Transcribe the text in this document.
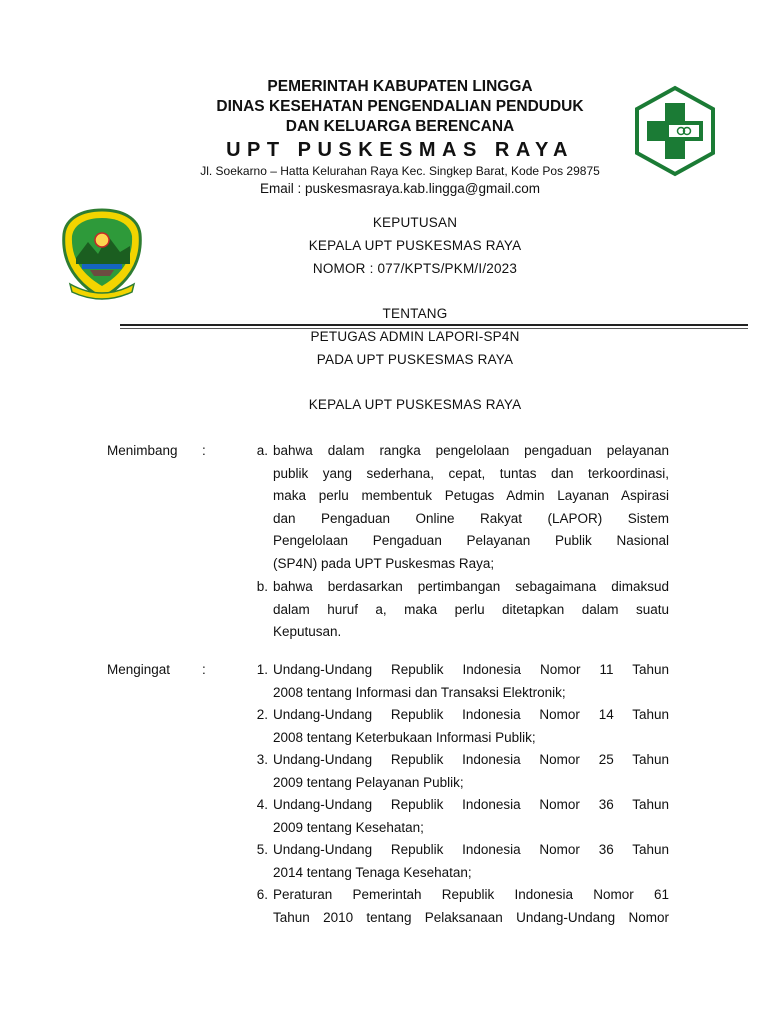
PEMERINTAH KABUPATEN LINGGA
DINAS KESEHATAN PENGENDALIAN PENDUDUK
DAN KELUARGA BERENCANA
UPT PUSKESMAS RAYA
Jl. Soekarno – Hatta Kelurahan Raya Kec. Singkep Barat, Kode Pos 29875
Email : puskesmasraya.kab.lingga@gmail.com
KEPUTUSAN
KEPALA UPT PUSKESMAS RAYA
NOMOR : 077/KPTS/PKM/I/2023
TENTANG
PETUGAS ADMIN LAPORI-SP4N
PADA UPT PUSKESMAS RAYA
KEPALA UPT PUSKESMAS RAYA
Menimbang :	a. bahwa dalam rangka pengelolaan pengaduan pelayanan
publik yang sederhana, cepat, tuntas dan terkoordinasi,
maka perlu membentuk Petugas Admin Layanan Aspirasi
dan Pengaduan Online Rakyat (LAPOR) Sistem
Pengelolaan Pengaduan Pelayanan Publik Nasional
(SP4N) pada UPT Puskesmas Raya;
b. bahwa berdasarkan pertimbangan sebagaimana dimaksud
dalam huruf a, maka perlu ditetapkan dalam suatu
Keputusan.
Mengingat :	1. Undang-Undang Republik Indonesia Nomor 11 Tahun
2008 tentang Informasi dan Transaksi Elektronik;
2. Undang-Undang Republik Indonesia Nomor 14 Tahun
2008 tentang Keterbukaan Informasi Publik;
3. Undang-Undang Republik Indonesia Nomor 25 Tahun
2009 tentang Pelayanan Publik;
4. Undang-Undang Republik Indonesia Nomor 36 Tahun
2009 tentang Kesehatan;
5. Undang-Undang Republik Indonesia Nomor 36 Tahun
2014 tentang Tenaga Kesehatan;
6. Peraturan Pemerintah Republik Indonesia Nomor 61
Tahun 2010 tentang Pelaksanaan Undang-Undang Nomor
